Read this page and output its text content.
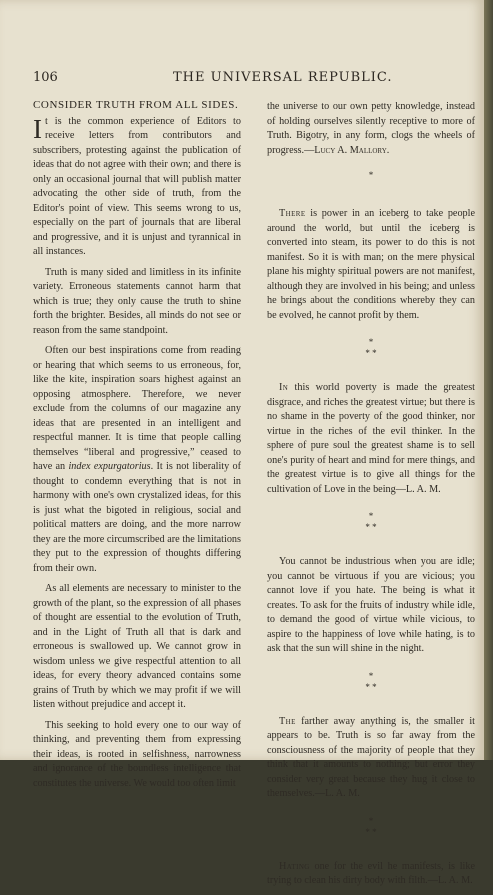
106	THE UNIVERSAL REPUBLIC.
CONSIDER TRUTH FROM ALL SIDES.

It is the common experience of Editors to receive letters from contributors and subscribers, protesting against the publication of ideas that do not agree with their own; and there is only an occasional journal that will publish matter advocating the other side of truth, from the Editor's point of view. This seems wrong to us, especially on the part of journals that are liberal and progressive, and it is unjust and tyrannical in all instances.

Truth is many sided and limitless in its infinite variety. Erroneous statements cannot harm that which is true; they only cause the truth to shine forth the brighter. Besides, all minds do not see or reason from the same standpoint.

Often our best inspirations come from reading or hearing that which seems to us erroneous, for, like the kite, inspiration soars highest against an opposing atmosphere. Therefore, we never exclude from the columns of our magazine any ideas that are presented in an intelligent and respectful manner. It is time that people calling themselves “liberal and progressive,” ceased to have an index expurgatorius. It is not liberality of thought to condemn everything that is not in harmony with one's own crystalized ideas, for this is just what the bigoted in religious, social and political matters are doing, and the more narrow they are the more circumscribed are the limitations they put to the expression of thoughts differing from their own.

As all elements are necessary to minister to the growth of the plant, so the expression of all phases of thought are essential to the evolution of Truth, and in the Light of Truth all that is dark and erroneous is swallowed up. We cannot grow in wisdom unless we give respectful attention to all ideas, for every theory advanced contains some grains of Truth by which we may profit if we will listen without prejudice and accept it.

This seeking to hold every one to our way of thinking, and preventing them from expressing their ideas, is rooted in selfishness, narrowness and ignorance of the boundless intelligence that constitutes the universe. We would too often limit

the universe to our own petty knowledge, instead of holding ourselves silently receptive to more of Truth. Bigotry, in any form, clogs the wheels of progress.—Lucy A. Mallory.

*

There is power in an iceberg to take people around the world, but until the iceberg is converted into steam, its power to do this is not manifest. So it is with man; on the mere physical plane his mighty spiritual powers are not manifest, although they are involved in his being; and unless he brings about the conditions whereby they can be evolved, he cannot profit by them.

*
* *

In this world poverty is made the greatest disgrace, and riches the greatest virtue; but there is no shame in the poverty of the good thinker, nor virtue in the riches of the evil thinker. In the sphere of pure soul the greatest shame is to sell one's purity of heart and mind for mere things, and the greatest virtue is to give all things for the cultivation of Love in the being—L. A. M.

*
* *

You cannot be industrious when you are idle; you cannot be virtuous if you are vicious; you cannot love if you hate. The being is what it creates. To ask for the fruits of industry while idle, to demand the good of virtue while vicious, to aspire to the happiness of love while hating, is to ask that the sun will shine in the night.

*
* *

The farther away anything is, the smaller it appears to be. Truth is so far away from the consciousness of the majority of people that they think that it amounts to nothing; but error they consider very great because they hug it close to themselves.—L. A. M.

*
* *

Hating one for the evil he manifests, is like trying to clean his dirty body with filth.—L. A. M.
